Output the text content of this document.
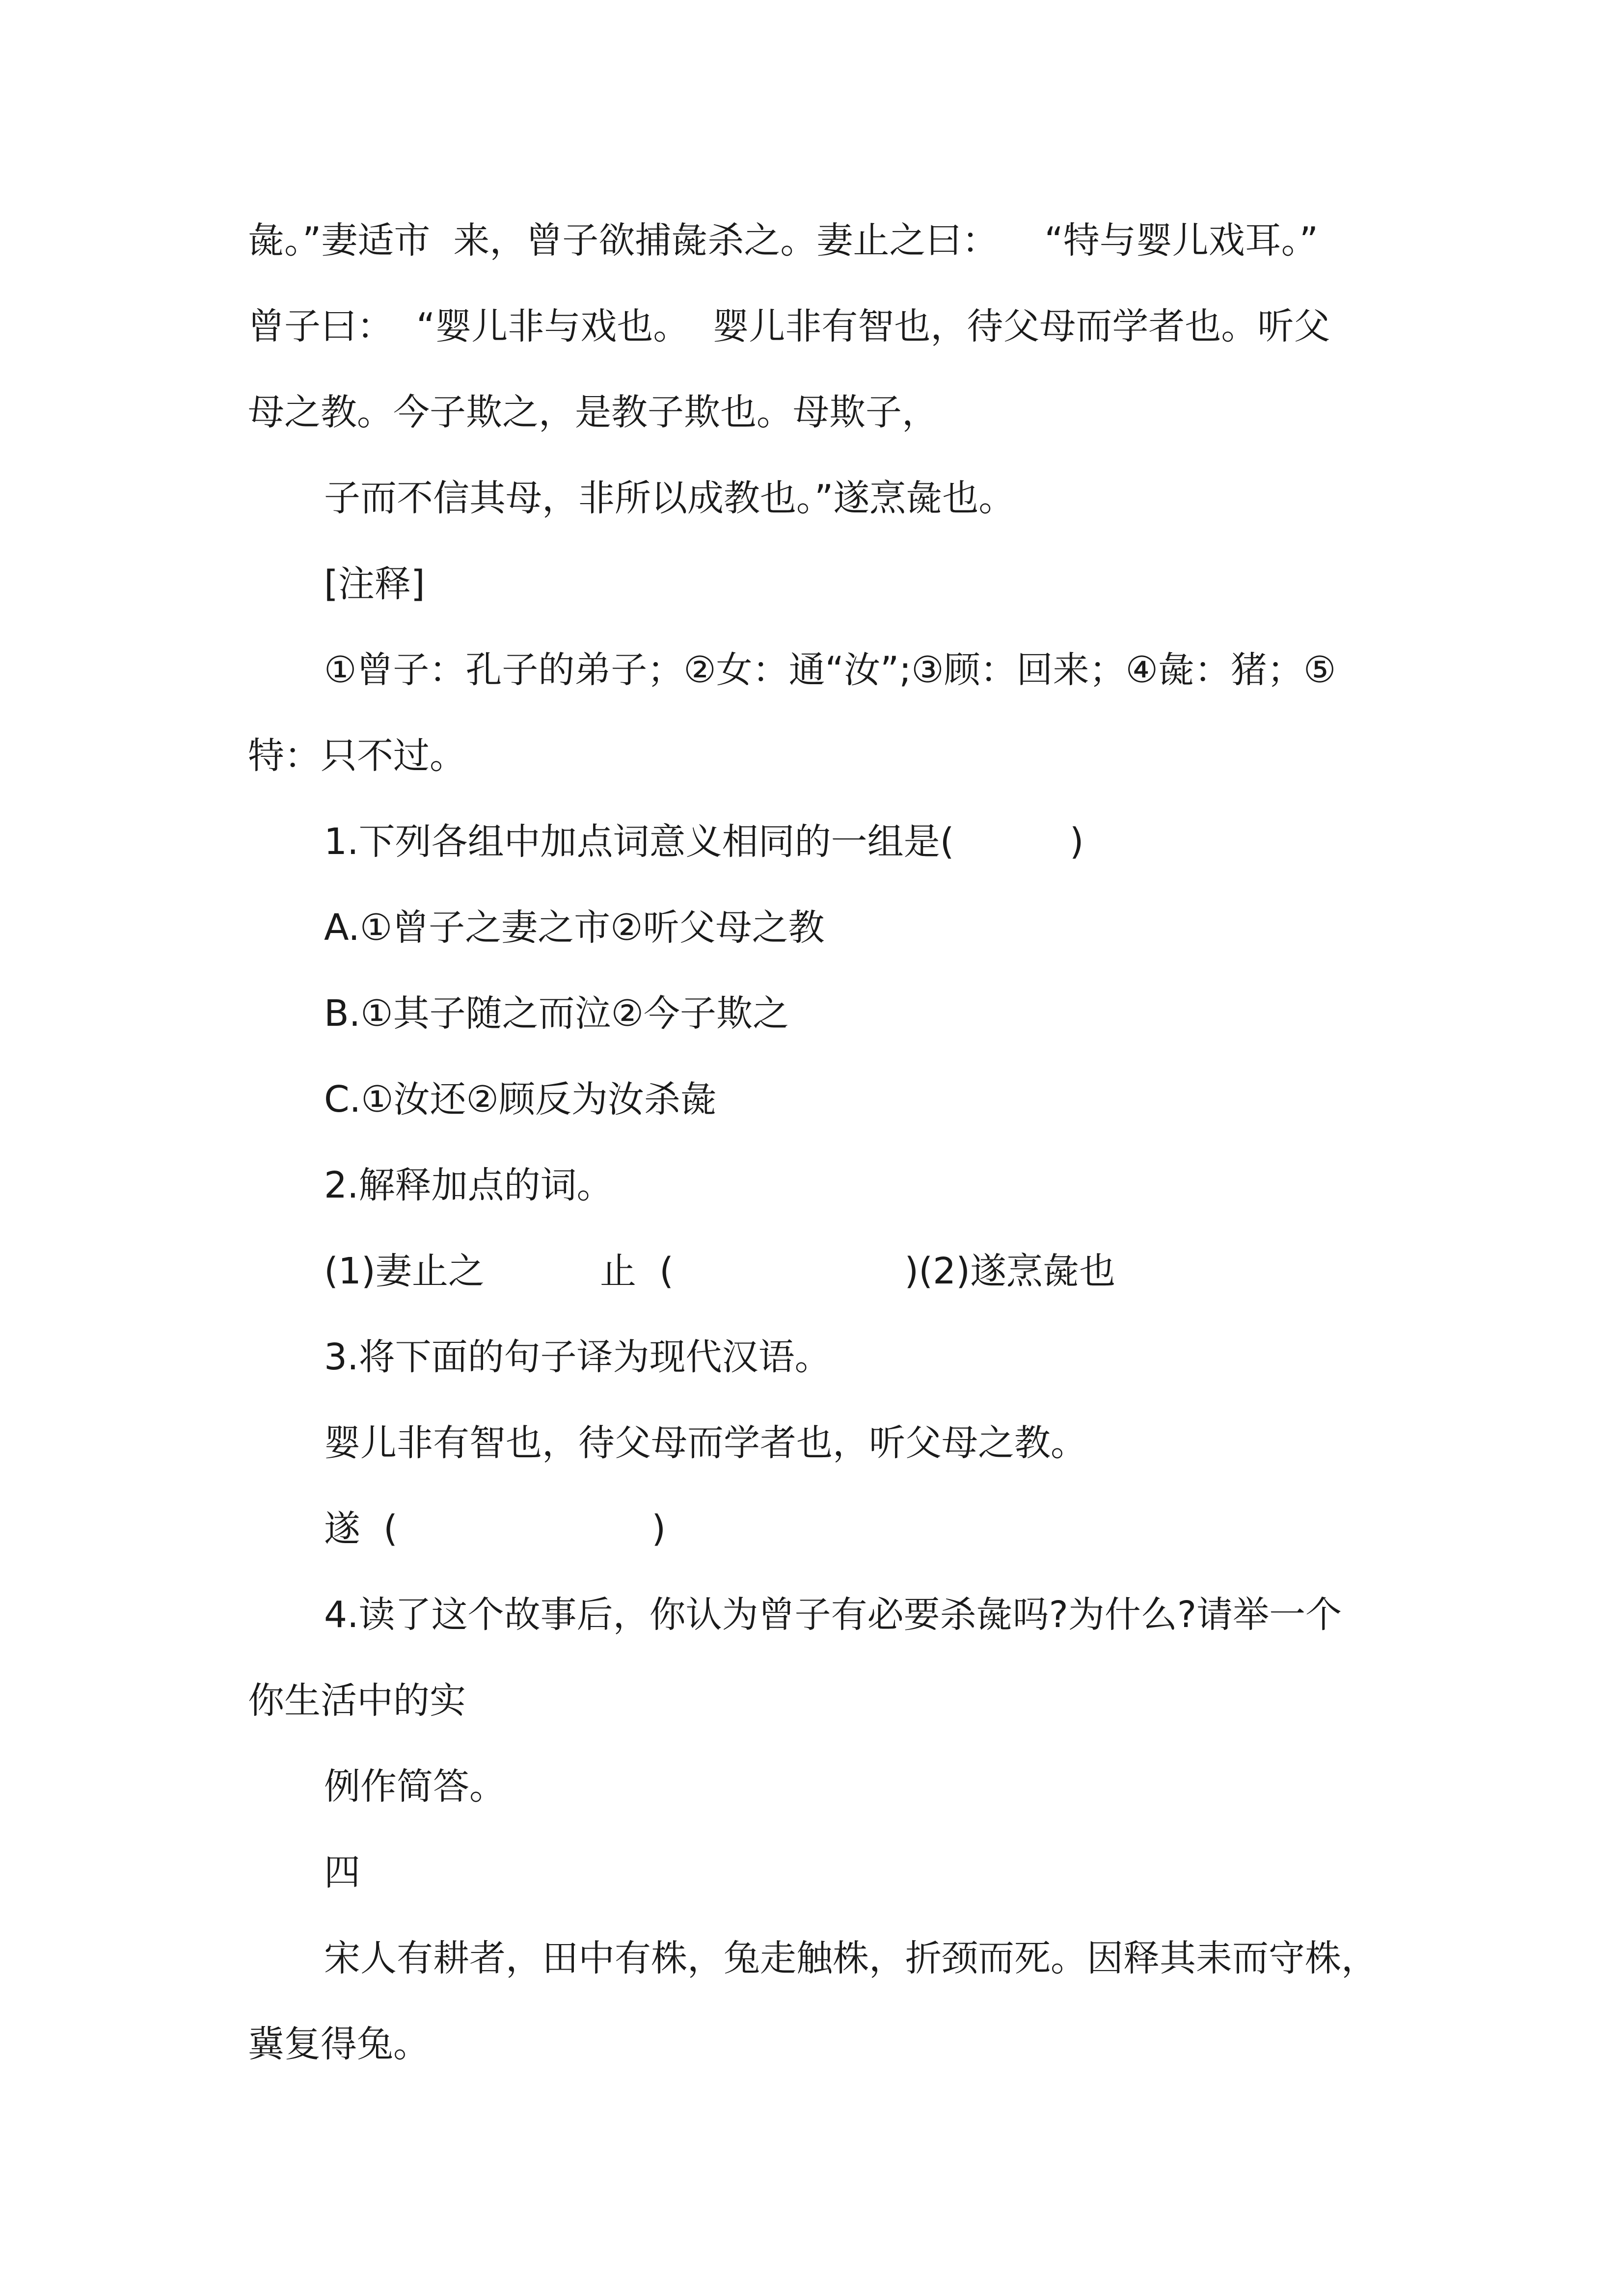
彘。”妻适市  来，曾子欲捕彘杀之。妻止之曰：    “特与婴儿戏耳。”

曾子曰：  “婴儿非与戏也。  婴儿非有智也，待父母而学者也。听父

母之教。今子欺之，是教子欺也。母欺子，

子而不信其母，非所以成教也。”遂烹彘也。

[注释]

①曾子：孔子的弟子；②女：通“汝”;③顾：回来；④彘：猪；⑤

特：只不过。

1.下列各组中加点词意义相同的一组是(          )

A.①曾子之妻之市②听父母之教

B.①其子随之而泣②今子欺之

C.①汝还②顾反为汝杀彘

2.解释加点的词。

(1)妻止之          止  (                    )(2)遂烹彘也

3.将下面的句子译为现代汉语。

婴儿非有智也，待父母而学者也，听父母之教。

遂  (                      )

4.读了这个故事后，你认为曾子有必要杀彘吗?为什么?请举一个

你生活中的实

例作简答。

四

宋人有耕者，田中有株，兔走触株，折颈而死。因释其耒而守株，

冀复得兔。
